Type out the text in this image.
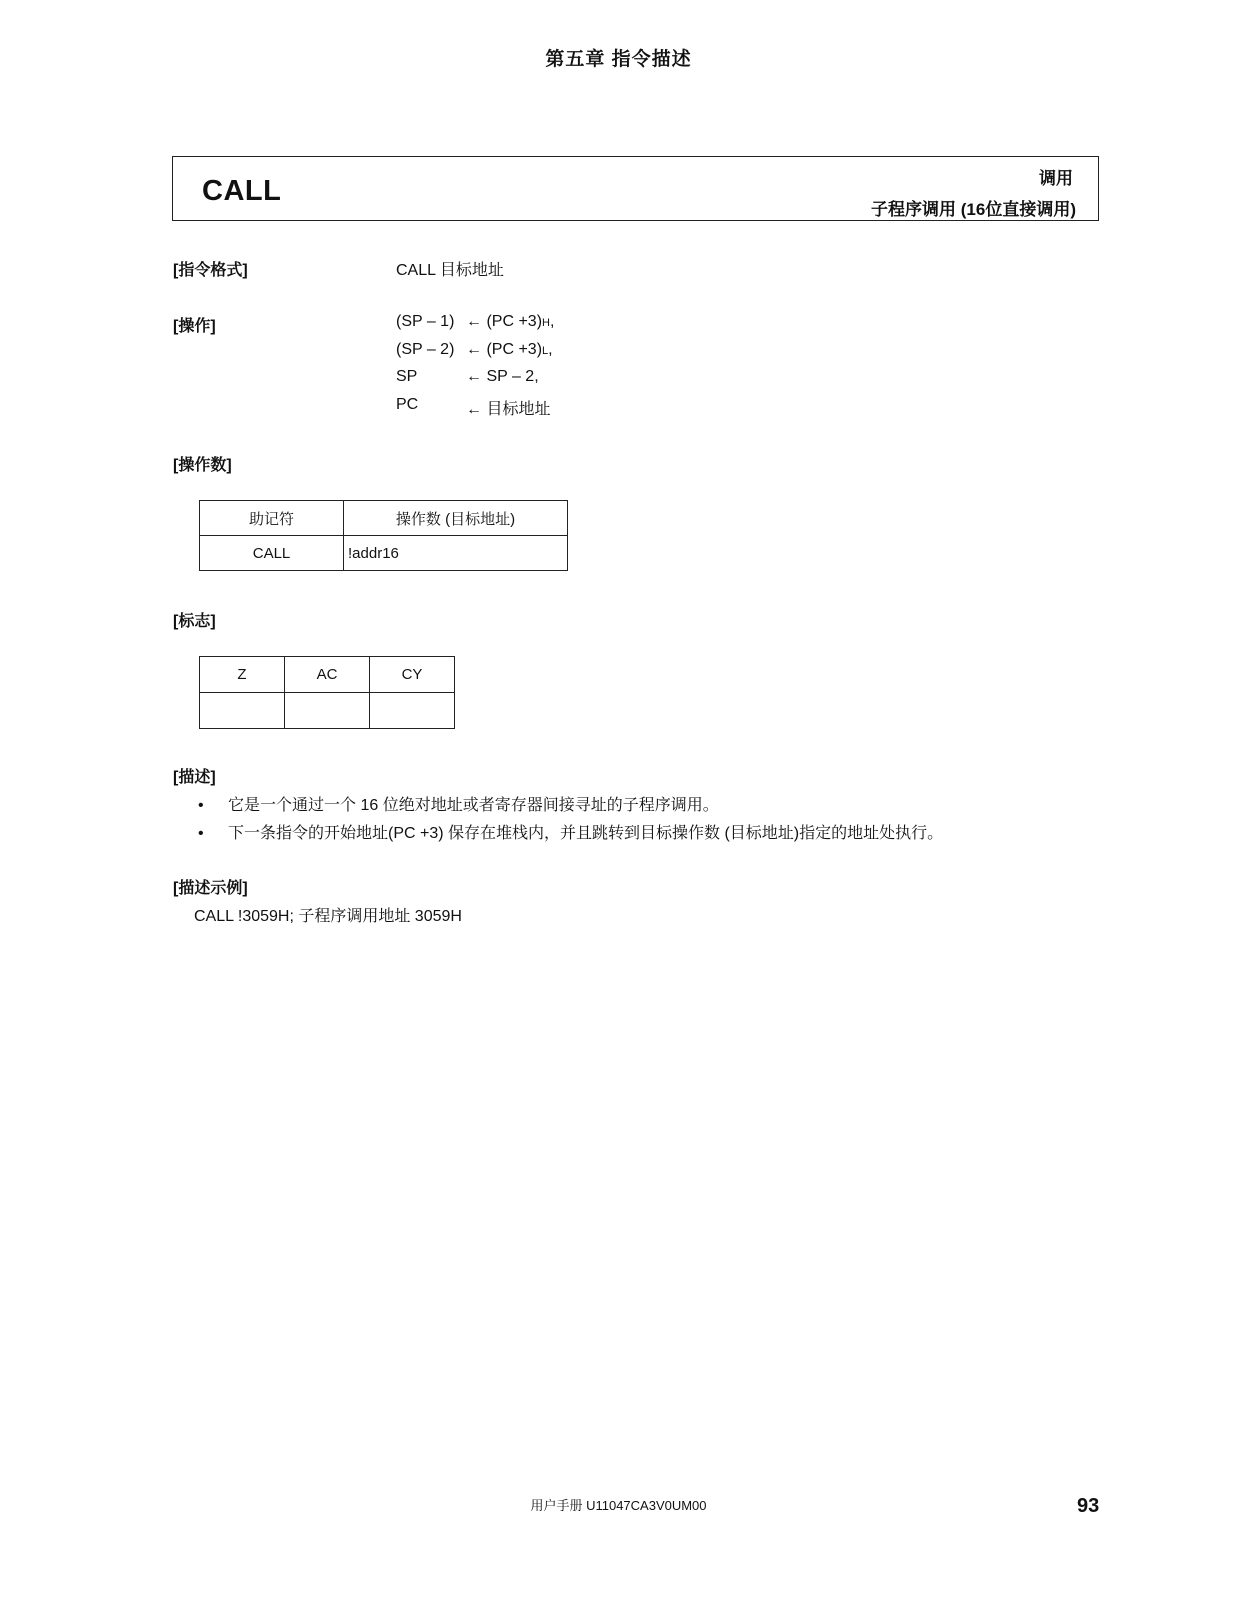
第五章 指令描述
CALL	调用
子程序调用 (16位直接调用)
[指令格式]	CALL 目标地址
[操作]	(SP – 1) ← (PC +3)H,
(SP – 2) ← (PC +3)L,
SP	← SP – 2,
PC	← 目标地址
[操作数]
助记符	操作数 (目标地址)
CALL	!addr16
[标志]
Z	AC	CY

[描述]
• 它是一个通过一个 16 位绝对地址或者寄存器间接寻址的子程序调用。
• 下一条指令的开始地址(PC +3) 保存在堆栈内，并且跳转到目标操作数 (目标地址)指定的地址处执行。
[描述示例]
CALL !3059H; 子程序调用地址 3059H
用户手册 U11047CA3V0UM00	93
